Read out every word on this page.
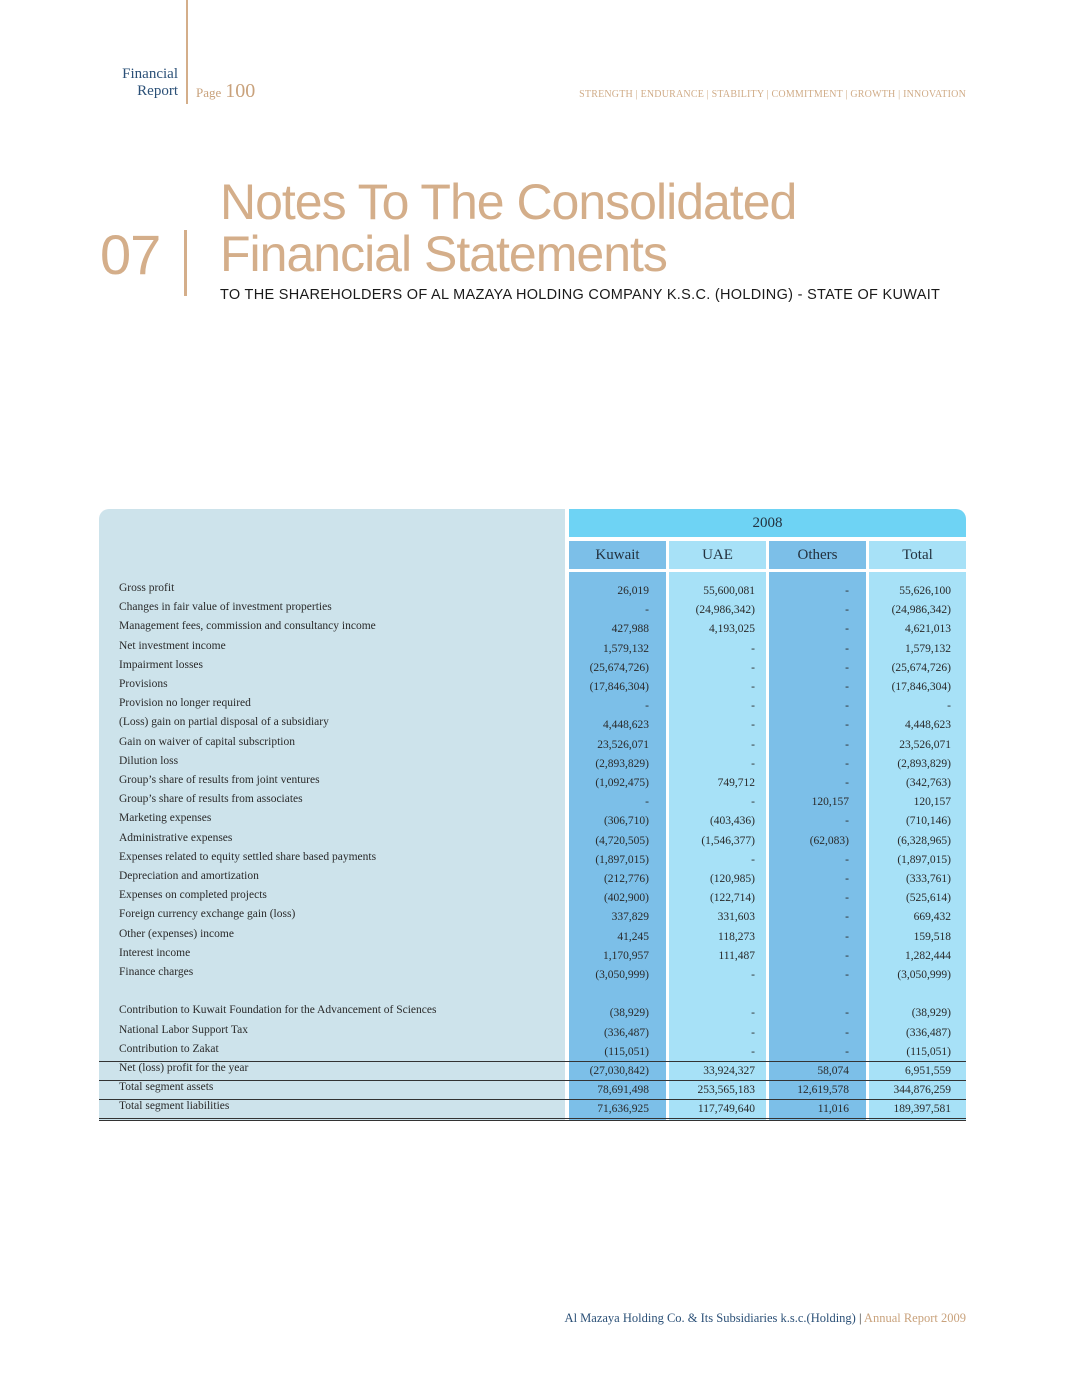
Financial
Report Page 100	STRENGTH | ENDURANCE | STABILITY | COMMITMENT | GROWTH | INNOVATION
07
Notes To The Consolidated
Financial Statements
TO THE SHAREHOLDERS OF AL MAZAYA HOLDING COMPANY K.S.C. (HOLDING) - STATE OF KUWAIT
2008
Kuwait	UAE	Others	Total
Gross profit	26,019	55,600,081	-	55,626,100
Changes in fair value of investment properties	-	(24,986,342)	-	(24,986,342)
Management fees, commission and consultancy income	427,988	4,193,025	-	4,621,013
Net investment income	1,579,132	-	-	1,579,132
Impairment losses	(25,674,726)	-	-	(25,674,726)
Provisions	(17,846,304)	-	-	(17,846,304)
Provision no longer required	-	-	-	-
(Loss) gain on partial disposal of a subsidiary	4,448,623	-	-	4,448,623
Gain on waiver of capital subscription	23,526,071	-	-	23,526,071
Dilution loss	(2,893,829)	-	-	(2,893,829)
Group’s share of results from joint ventures	(1,092,475)	749,712	-	(342,763)
Group’s share of results from associates	-	-	120,157	120,157
Marketing expenses	(306,710)	(403,436)	-	(710,146)
Administrative expenses	(4,720,505)	(1,546,377)	(62,083)	(6,328,965)
Expenses related to equity settled share based payments	(1,897,015)	-	-	(1,897,015)
Depreciation and amortization	(212,776)	(120,985)	-	(333,761)
Expenses on completed projects	(402,900)	(122,714)	-	(525,614)
Foreign currency exchange gain (loss)	337,829	331,603	-	669,432
Other (expenses) income	41,245	118,273	-	159,518
Interest income	1,170,957	111,487	-	1,282,444
Finance charges	(3,050,999)	-	-	(3,050,999)
Contribution to Kuwait Foundation for the Advancement of Sciences	(38,929)	-	-	(38,929)
National Labor Support Tax	(336,487)	-	-	(336,487)
Contribution to Zakat	(115,051)	-	-	(115,051)
Net (loss) profit for the year	(27,030,842)	33,924,327	58,074	6,951,559
Total segment assets	78,691,498	253,565,183	12,619,578	344,876,259
Total segment liabilities	71,636,925	117,749,640	11,016	189,397,581
Al Mazaya Holding Co. & Its Subsidiaries k.s.c.(Holding) | Annual Report 2009
